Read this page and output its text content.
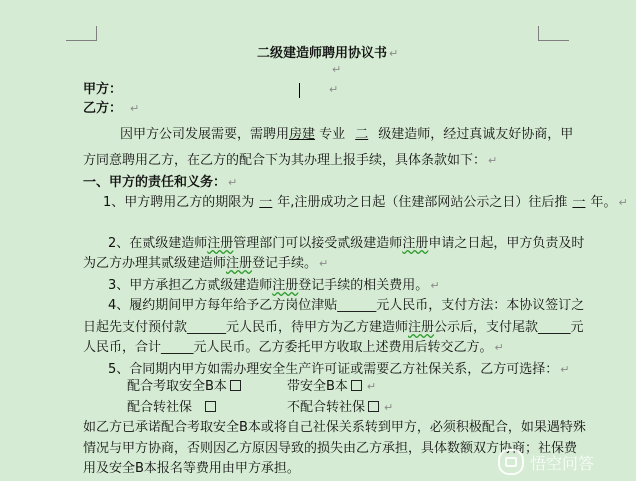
二级建造师聘用协议书 ↵
↵
甲方：	↵
乙方： ↵
因甲方公司发展需要，需聘用房建 专业 二 级建造师，经过真诚友好协商，甲
方同意聘用乙方，在乙方的配合下为其办理上报手续，具体条款如下： ↵
一、甲方的责任和义务： ↵
1、甲方聘用乙方的期限为 一 年,注册成功之日起（住建部网站公示之日）往后推 一 年。 ↵
2、在贰级建造师注册管理部门可以接受贰级建造师注册申请之日起，甲方负责及时
为乙方办理其贰级建造师注册登记手续。 ↵
3、甲方承担乙方贰级建造师注册登记手续的相关费用。 ↵
4、履约期间甲方每年给予乙方岗位津贴______元人民币，支付方法：本协议签订之
日起先支付预付款______元人民币，待甲方为乙方建造师注册公示后，支付尾款_____元
人民币，合计_____元人民币。乙方委托甲方收取上述费用后转交乙方。 ↵
5、合同期内甲方如需办理安全生产许可证或需要乙方社保关系，乙方可选择： ↵
配合考取安全B本	带安全B本 ↵
配合转社保	不配合转社保 ↵
如乙方已承诺配合考取安全B本或将自己社保关系转到甲方，必须积极配合，如果遇特殊
情况与甲方协商，否则因乙方原因导致的损失由乙方承担，具体数额双方协商；社保费
用及安全B本报名等费用由甲方承担。	悟空问答
